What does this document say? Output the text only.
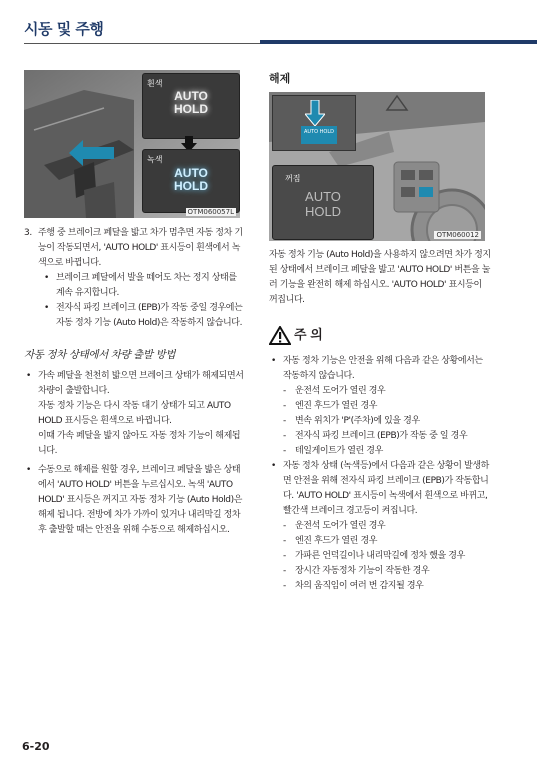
시동 및 주행
흰색
AUTO HOLD
녹색
AUTO HOLD
OTM060057L
3. 주행 중 브레이크 페달을 밟고 차가 멈추면 자동 정차 기능이 작동되면서, 'AUTO HOLD' 표시등이 흰색에서 녹색으로 바뀝니다.

• 브레이크 페달에서 발을 떼어도 차는 정지 상태를 계속 유지합니다.

• 전자식 파킹 브레이크 (EPB)가 작동 중일 경우에는 자동 정차 기능 (Auto Hold)은 작동하지 않습니다.

자동 정차 상태에서 차량 출발 방법

• 가속 페달을 천천히 밟으면 브레이크 상태가 해제되면서 차량이 출발합니다.

자동 정차 기능은 다시 작동 대기 상태가 되고 AUTO HOLD 표시등은 흰색으로 바뀝니다.

이때 가속 페달을 밟지 않아도 자동 정차 기능이 해제됩니다.

• 수동으로 해제를 원할 경우, 브레이크 페달을 밟은 상태에서 'AUTO HOLD' 버튼을 누르십시오. 녹색 'AUTO HOLD' 표시등은 꺼지고 자동 정차 기능 (Auto Hold)은 해제 됩니다. 전방에 차가 가까이 있거나 내리막길 정차 후 출발할 때는 안전을 위해 수동으로 해제하십시오.

해제
AUTO HOLD
꺼짐
AUTO HOLD
OTM060012

자동 정차 기능 (Auto Hold)을 사용하지 않으려면 차가 정지된 상태에서 브레이크 페달을 밟고 'AUTO HOLD' 버튼을 눌러 기능을 완전히 해제 하십시오. 'AUTO HOLD' 표시등이 꺼집니다.

주 의
• 자동 정차 기능은 안전을 위해 다음과 같은 상황에서는 작동하지 않습니다.

- 운전석 도어가 열린 경우

- 엔진 후드가 열린 경우

- 변속 위치가 'P'(주차)에 있을 경우

- 전자식 파킹 브레이크 (EPB)가 작동 중 일 경우

- 테일게이트가 열린 경우

• 자동 정차 상태 (녹색등)에서 다음과 같은 상황이 발생하면 안전을 위해 전자식 파킹 브레이크 (EPB)가 작동합니다. 'AUTO HOLD' 표시등이 녹색에서 흰색으로 바뀌고, 빨간색 브레이크 경고등이 켜집니다.

- 운전석 도어가 열린 경우

- 엔진 후드가 열린 경우

- 가파른 언덕길이나 내리막길에 정차 했을 경우

- 장시간 자동정차 기능이 작동한 경우

- 차의 움직임이 여러 번 감지될 경우

6-20
